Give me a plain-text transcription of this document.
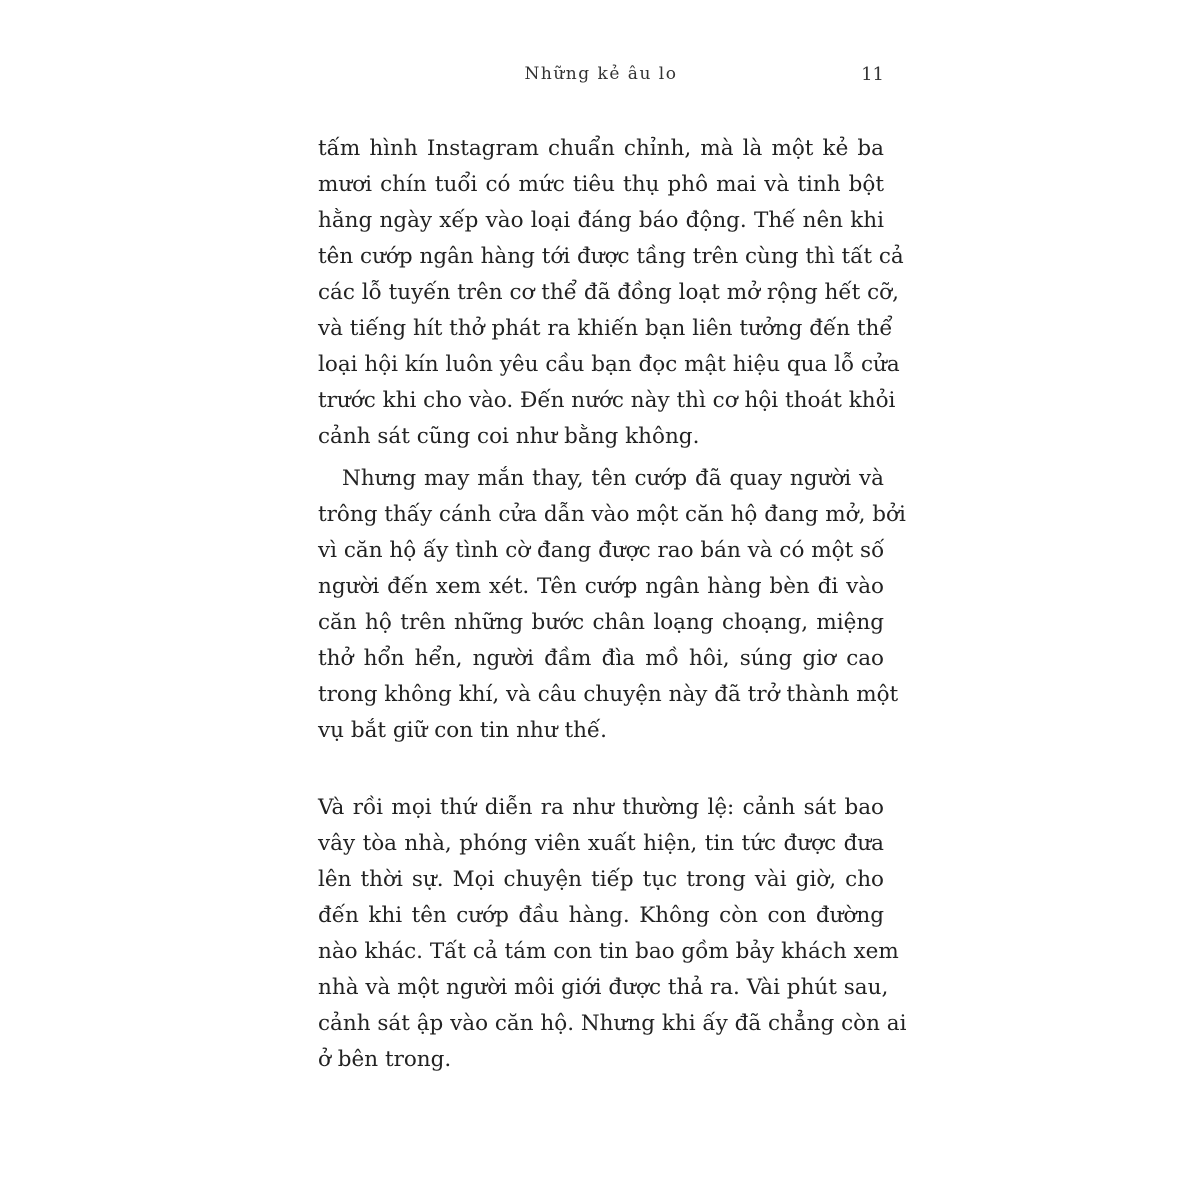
Những kẻ âu lo	11
tấm hình Instagram chuẩn chỉnh, mà là một kẻ ba
mươi chín tuổi có mức tiêu thụ phô mai và tinh bột
hằng ngày xếp vào loại đáng báo động. Thế nên khi
tên cướp ngân hàng tới được tầng trên cùng thì tất cả
các lỗ tuyến trên cơ thể đã đồng loạt mở rộng hết cỡ,
và tiếng hít thở phát ra khiến bạn liên tưởng đến thể
loại hội kín luôn yêu cầu bạn đọc mật hiệu qua lỗ cửa
trước khi cho vào. Đến nước này thì cơ hội thoát khỏi
cảnh sát cũng coi như bằng không.
Nhưng may mắn thay, tên cướp đã quay người và
trông thấy cánh cửa dẫn vào một căn hộ đang mở, bởi
vì căn hộ ấy tình cờ đang được rao bán và có một số
người đến xem xét. Tên cướp ngân hàng bèn đi vào
căn hộ trên những bước chân loạng choạng, miệng
thở hổn hển, người đầm đìa mồ hôi, súng giơ cao
trong không khí, và câu chuyện này đã trở thành một
vụ bắt giữ con tin như thế.
Và rồi mọi thứ diễn ra như thường lệ: cảnh sát bao
vây tòa nhà, phóng viên xuất hiện, tin tức được đưa
lên thời sự. Mọi chuyện tiếp tục trong vài giờ, cho
đến khi tên cướp đầu hàng. Không còn con đường
nào khác. Tất cả tám con tin bao gồm bảy khách xem
nhà và một người môi giới được thả ra. Vài phút sau,
cảnh sát ập vào căn hộ. Nhưng khi ấy đã chẳng còn ai
ở bên trong.
